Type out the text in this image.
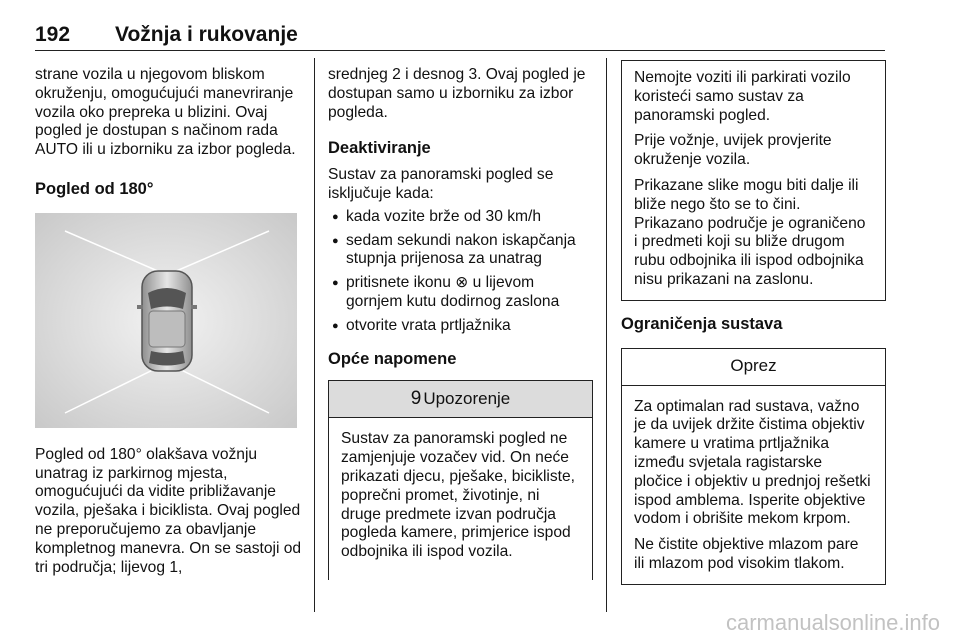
192 Vožnja i rukovanje

strane vozila u njegovom bliskom okruženju, omogućujući manevriranje vozila oko prepreka u blizini. Ovaj pogled je dostupan s načinom rada AUTO ili u izborniku za izbor pogleda.

Pogled od 180°

Pogled od 180° olakšava vožnju unatrag iz parkirnog mjesta, omogućujući da vidite približavanje vozila, pješaka i biciklista. Ovaj pogled ne preporučujemo za obavljanje kompletnog manevra. On se sastoji od tri područja; lijevog 1,

srednjeg 2 i desnog 3. Ovaj pogled je dostupan samo u izborniku za izbor pogleda.

Deaktiviranje

Sustav za panoramski pogled se isključuje kada:

● kada vozite brže od 30 km/h
● sedam sekundi nakon iskapčanja stupnja prijenosa za unatrag
● pritisnete ikonu ⊗ u lijevom gornjem kutu dodirnog zaslona
● otvorite vrata prtljažnika
Opće napomene
9 Upozorenje

Sustav za panoramski pogled ne zamjenjuje vozačev vid. On neće prikazati djecu, pješake, bicikliste, poprečni promet, životinje, ni druge predmete izvan područja pogleda kamere, primjerice ispod odbojnika ili ispod vozila.

Nemojte voziti ili parkirati vozilo koristeći samo sustav za panoramski pogled.

Prije vožnje, uvijek provjerite okruženje vozila.

Prikazane slike mogu biti dalje ili bliže nego što se to čini. Prikazano područje je ograničeno i predmeti koji su bliže drugom rubu odbojnika ili ispod odbojnika nisu prikazani na zaslonu.

Ograničenja sustava
Oprez

Za optimalan rad sustava, važno je da uvijek držite čistima objektiv kamere u vratima prtljažnika između svjetala ragistarske pločice i objektiv u prednjoj rešetki ispod amblema. Isperite objektive vodom i obrišite mekom krpom.

Ne čistite objektive mlazom pare ili mlazom pod visokim tlakom.

carmanualsonline.info
